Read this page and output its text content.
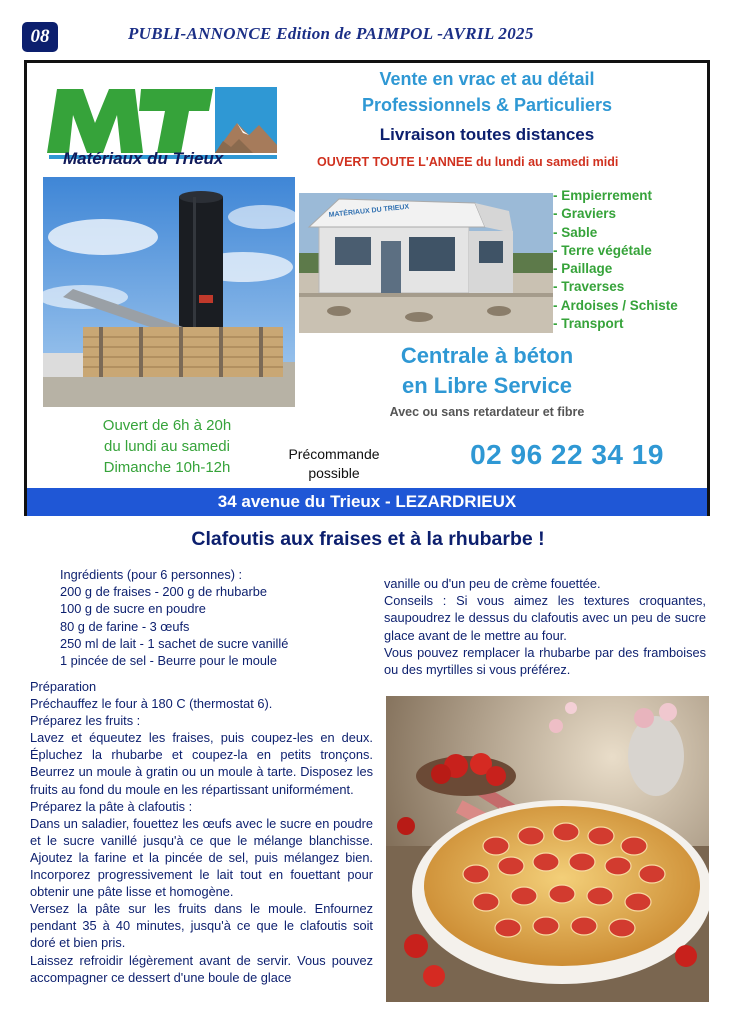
08	PUBLI-ANNONCE Edition de PAIMPOL -AVRIL 2025
MT
Matériaux du Trieux
Vente en vrac et au détail
Professionnels & Particuliers
Livraison toutes distances
OUVERT TOUTE L'ANNEE du lundi au samedi midi
MATÉRIAUX DU TRIEUX
- Empierrement
- Graviers
- Sable
- Terre végétale
- Paillage
- Traverses
- Ardoises / Schiste
- Transport
Centrale à béton
en Libre Service
Avec ou sans retardateur et fibre
Ouvert de 6h à 20h
du lundi au samedi
Dimanche 10h-12h
Précommande
possible
02 96 22 34 19
34 avenue du Trieux - LEZARDRIEUX
Clafoutis aux fraises et à la rhubarbe !
Ingrédients (pour 6 personnes) :
200 g de fraises - 200 g de rhubarbe
100 g de sucre en poudre
80 g de farine - 3 œufs
250 ml de lait - 1 sachet de sucre vanillé
1 pincée de sel - Beurre pour le moule

vanille ou d'un peu de crème fouettée.

Conseils : Si vous aimez les textures croquantes, saupoudrez le dessus du clafoutis avec un peu de sucre glace avant de le mettre au four.

Vous pouvez remplacer la rhubarbe par des framboises ou des myrtilles si vous préférez.

Préparation

Préchauffez le four à 180 C (thermostat 6).

Préparez les fruits :

Lavez et équeutez les fraises, puis coupez-les en deux. Épluchez la rhubarbe et coupez-la en petits tronçons. Beurrez un moule à gratin ou un moule à tarte. Disposez les fruits au fond du moule en les répartissant uniformément.

Préparez la pâte à clafoutis :

Dans un saladier, fouettez les œufs avec le sucre en poudre et le sucre vanillé jusqu'à ce que le mélange blanchisse. Ajoutez la farine et la pincée de sel, puis mélangez bien. Incorporez progressivement le lait tout en fouettant pour obtenir une pâte lisse et homogène.

Versez la pâte sur les fruits dans le moule. Enfournez pendant 35 à 40 minutes, jusqu'à ce que le clafoutis soit doré et bien pris.

Laissez refroidir légèrement avant de servir. Vous pouvez accompagner ce dessert d'une boule de glace
